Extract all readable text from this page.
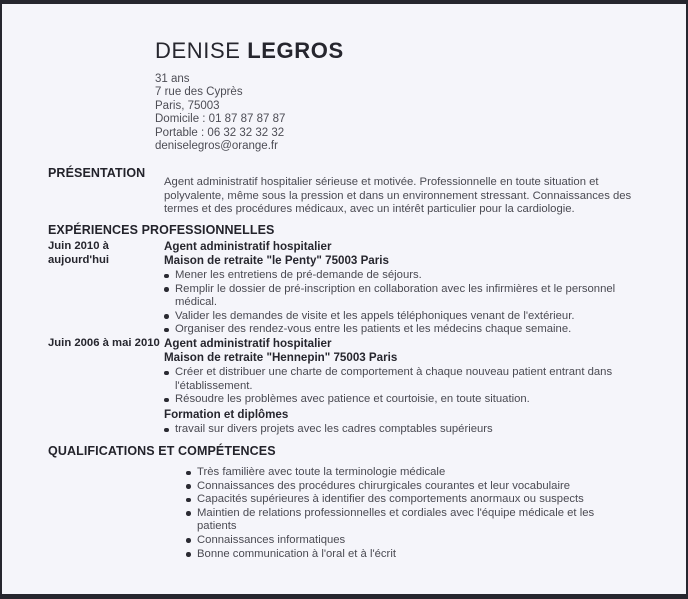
DENISE LEGROS
31 ans
7 rue des Cyprès
Paris, 75003
Domicile : 01 87 87 87 87
Portable : 06 32 32 32 32
deniselegros@orange.fr
PRÉSENTATION
Agent administratif hospitalier sérieuse et motivée. Professionnelle en toute situation et polyvalente, même sous la pression et dans un environnement stressant. Connaissances des termes et des procédures médicaux, avec un intérêt particulier pour la cardiologie.
EXPÉRIENCES PROFESSIONNELLES
Juin 2010 à aujourd'hui
Agent administratif hospitalier
Maison de retraite "le Penty" 75003 Paris
Mener les entretiens de pré-demande de séjours.
Remplir le dossier de pré-inscription en collaboration avec les infirmières et le personnel médical.
Valider les demandes de visite et les appels téléphoniques venant de l'extérieur.
Organiser des rendez-vous entre les patients et les médecins chaque semaine.
Juin 2006 à mai 2010 Agent administratif hospitalier
Maison de retraite "Hennepin" 75003 Paris
Créer et distribuer une charte de comportement à chaque nouveau patient entrant dans l'établissement.
Résoudre les problèmes avec patience et courtoisie, en toute situation.
Formation et diplômes
travail sur divers projets avec les cadres comptables supérieurs
QUALIFICATIONS ET COMPÉTENCES
Très familière avec toute la terminologie médicale
Connaissances des procédures chirurgicales courantes et leur vocabulaire
Capacités supérieures à identifier des comportements anormaux ou suspects
Maintien de relations professionnelles et cordiales avec l'équipe médicale et les patients
Connaissances informatiques
Bonne communication à l'oral et à l'écrit
